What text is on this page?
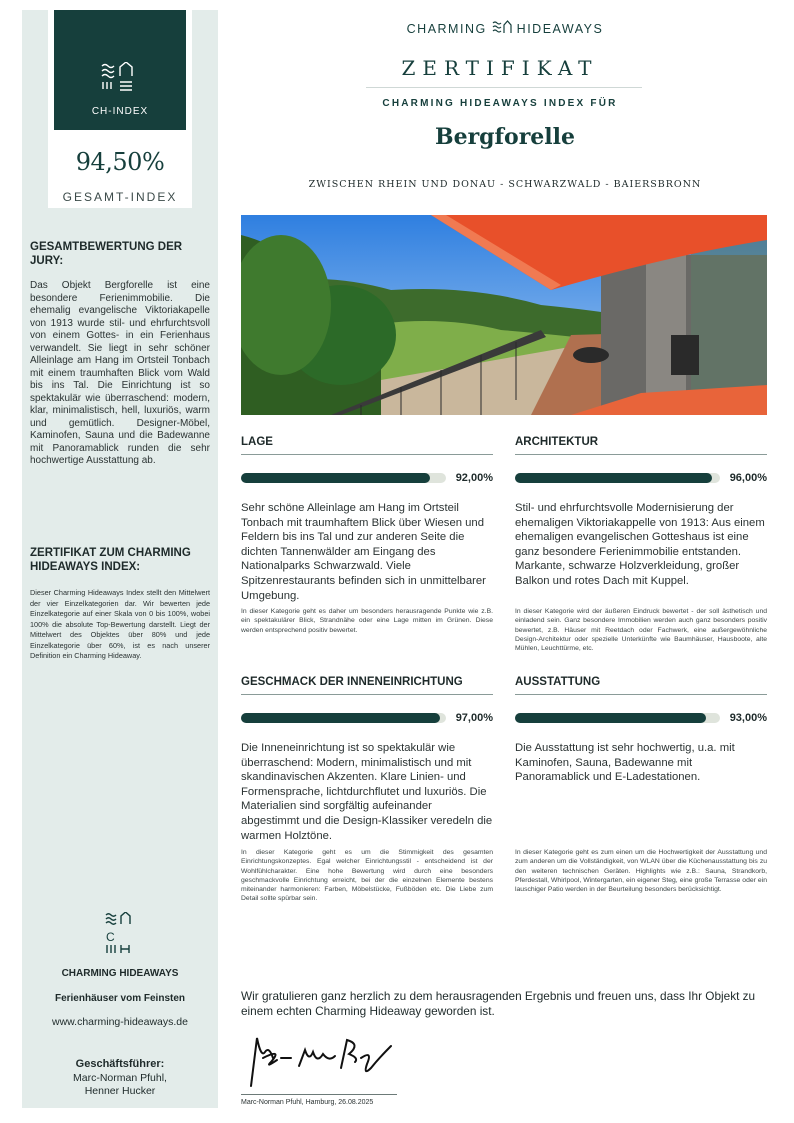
CH-INDEX
94,50%
GESAMT-INDEX
GESAMTBEWERTUNG DER JURY:
Das Objekt Bergforelle ist eine besondere Ferienimmobilie. Die ehemalig evangelische Viktoriakapelle von 1913 wurde stil- und ehrfurchtsvoll von einem Gottes- in ein Ferienhaus verwandelt. Sie liegt in sehr schöner Alleinlage am Hang im Ortsteil Tonbach mit einem traumhaften Blick vom Wald bis ins Tal. Die Einrichtung ist so spektakulär wie überraschend: modern, klar, minimalistisch, hell, luxuriös, warm und gemütlich. Designer-Möbel, Kaminofen, Sauna und die Badewanne mit Panoramablick runden die sehr hochwertige Ausstattung ab.
ZERTIFIKAT ZUM CHARMING HIDEAWAYS INDEX:
Dieser Charming Hideaways Index stellt den Mittelwert der vier Einzelkategorien dar. Wir bewerten jede Einzelkategorie auf einer Skala von 0 bis 100%, wobei 100% die absolute Top-Bewertung darstellt. Liegt der Mittelwert des Objektes über 80% und jede Einzelkategorie über 60%, ist es nach unserer Definition ein Charming Hideaway.
C
CHARMING HIDEAWAYS
Ferienhäuser vom Feinsten
www.charming-hideaways.de
Geschäftsführer:
Marc-Norman Pfuhl,
Henner Hucker
CHARMING HIDEAWAYS
ZERTIFIKAT
CHARMING HIDEAWAYS INDEX FÜR
Bergforelle
ZWISCHEN RHEIN UND DONAU - SCHWARZWALD - BAIERSBRONN
LAGE
92,00%
Sehr schöne Alleinlage am Hang im Ortsteil Tonbach mit traumhaftem Blick über Wiesen und Feldern bis ins Tal und zur anderen Seite die dichten Tannenwälder am Eingang des Nationalparks Schwarzwald. Viele Spitzenrestaurants befinden sich in unmittelbarer Umgebung.
In dieser Kategorie geht es daher um besonders herausragende Punkte wie z.B. ein spektakulärer Blick, Strandnähe oder eine Lage mitten im Grünen. Diese werden entsprechend positiv bewertet.
ARCHITEKTUR
96,00%
Stil- und ehrfurchtsvolle Modernisierung der ehemaligen Viktoriakappelle von 1913: Aus einem ehemaligen evangelischen Gotteshaus ist eine ganz besondere Ferienimmobilie entstanden. Markante, schwarze Holzverkleidung, großer Balkon und rotes Dach mit Kuppel.
In dieser Kategorie wird der äußeren Eindruck bewertet - der soll ästhetisch und einladend sein. Ganz besondere Immobilien werden auch ganz besonders positiv bewertet, z.B. Häuser mit Reetdach oder Fachwerk, eine außergewöhnliche Design-Architektur oder spezielle Unterkünfte wie Baumhäuser, Hausboote, alte Mühlen, Leuchttürme, etc.
GESCHMACK DER INNENEINRICHTUNG
97,00%
Die Inneneinrichtung ist so spektakulär wie überraschend: Modern, minimalistisch und mit skandinavischen Akzenten. Klare Linien- und Formensprache, lichtdurchflutet und luxuriös. Die Materialien sind sorgfältig aufeinander abgestimmt und die Design-Klassiker veredeln die warmen Holztöne.
In dieser Kategorie geht es um die Stimmigkeit des gesamten Einrichtungskonzeptes. Egal welcher Einrichtungsstil - entscheidend ist der Wohlfühlcharakter. Eine hohe Bewertung wird durch eine besonders geschmackvolle Einrichtung erreicht, bei der die einzelnen Elemente bestens miteinander harmonieren: Farben, Möbelstücke, Fußböden etc. Die Liebe zum Detail sollte spürbar sein.
AUSSTATTUNG
93,00%
Die Ausstattung ist sehr hochwertig, u.a. mit Kaminofen, Sauna, Badewanne mit Panoramablick und E-Ladestationen.
In dieser Kategorie geht es zum einen um die Hochwertigkeit der Ausstattung und zum anderen um die Vollständigkeit, von WLAN über die Küchenausstattung bis zu den weiteren technischen Geräten. Highlights wie z.B.: Sauna, Strandkorb, Pferdestall, Whirlpool, Wintergarten, ein eigener Steg, eine große Terrasse oder ein lauschiger Patio werden in der Beurteilung besonders berücksichtigt.
Wir gratulieren ganz herzlich zu dem herausragenden Ergebnis und freuen uns, dass Ihr Objekt zu einem echten Charming Hideaway geworden ist.
Marc-Norman Pfuhl, Hamburg, 26.08.2025
